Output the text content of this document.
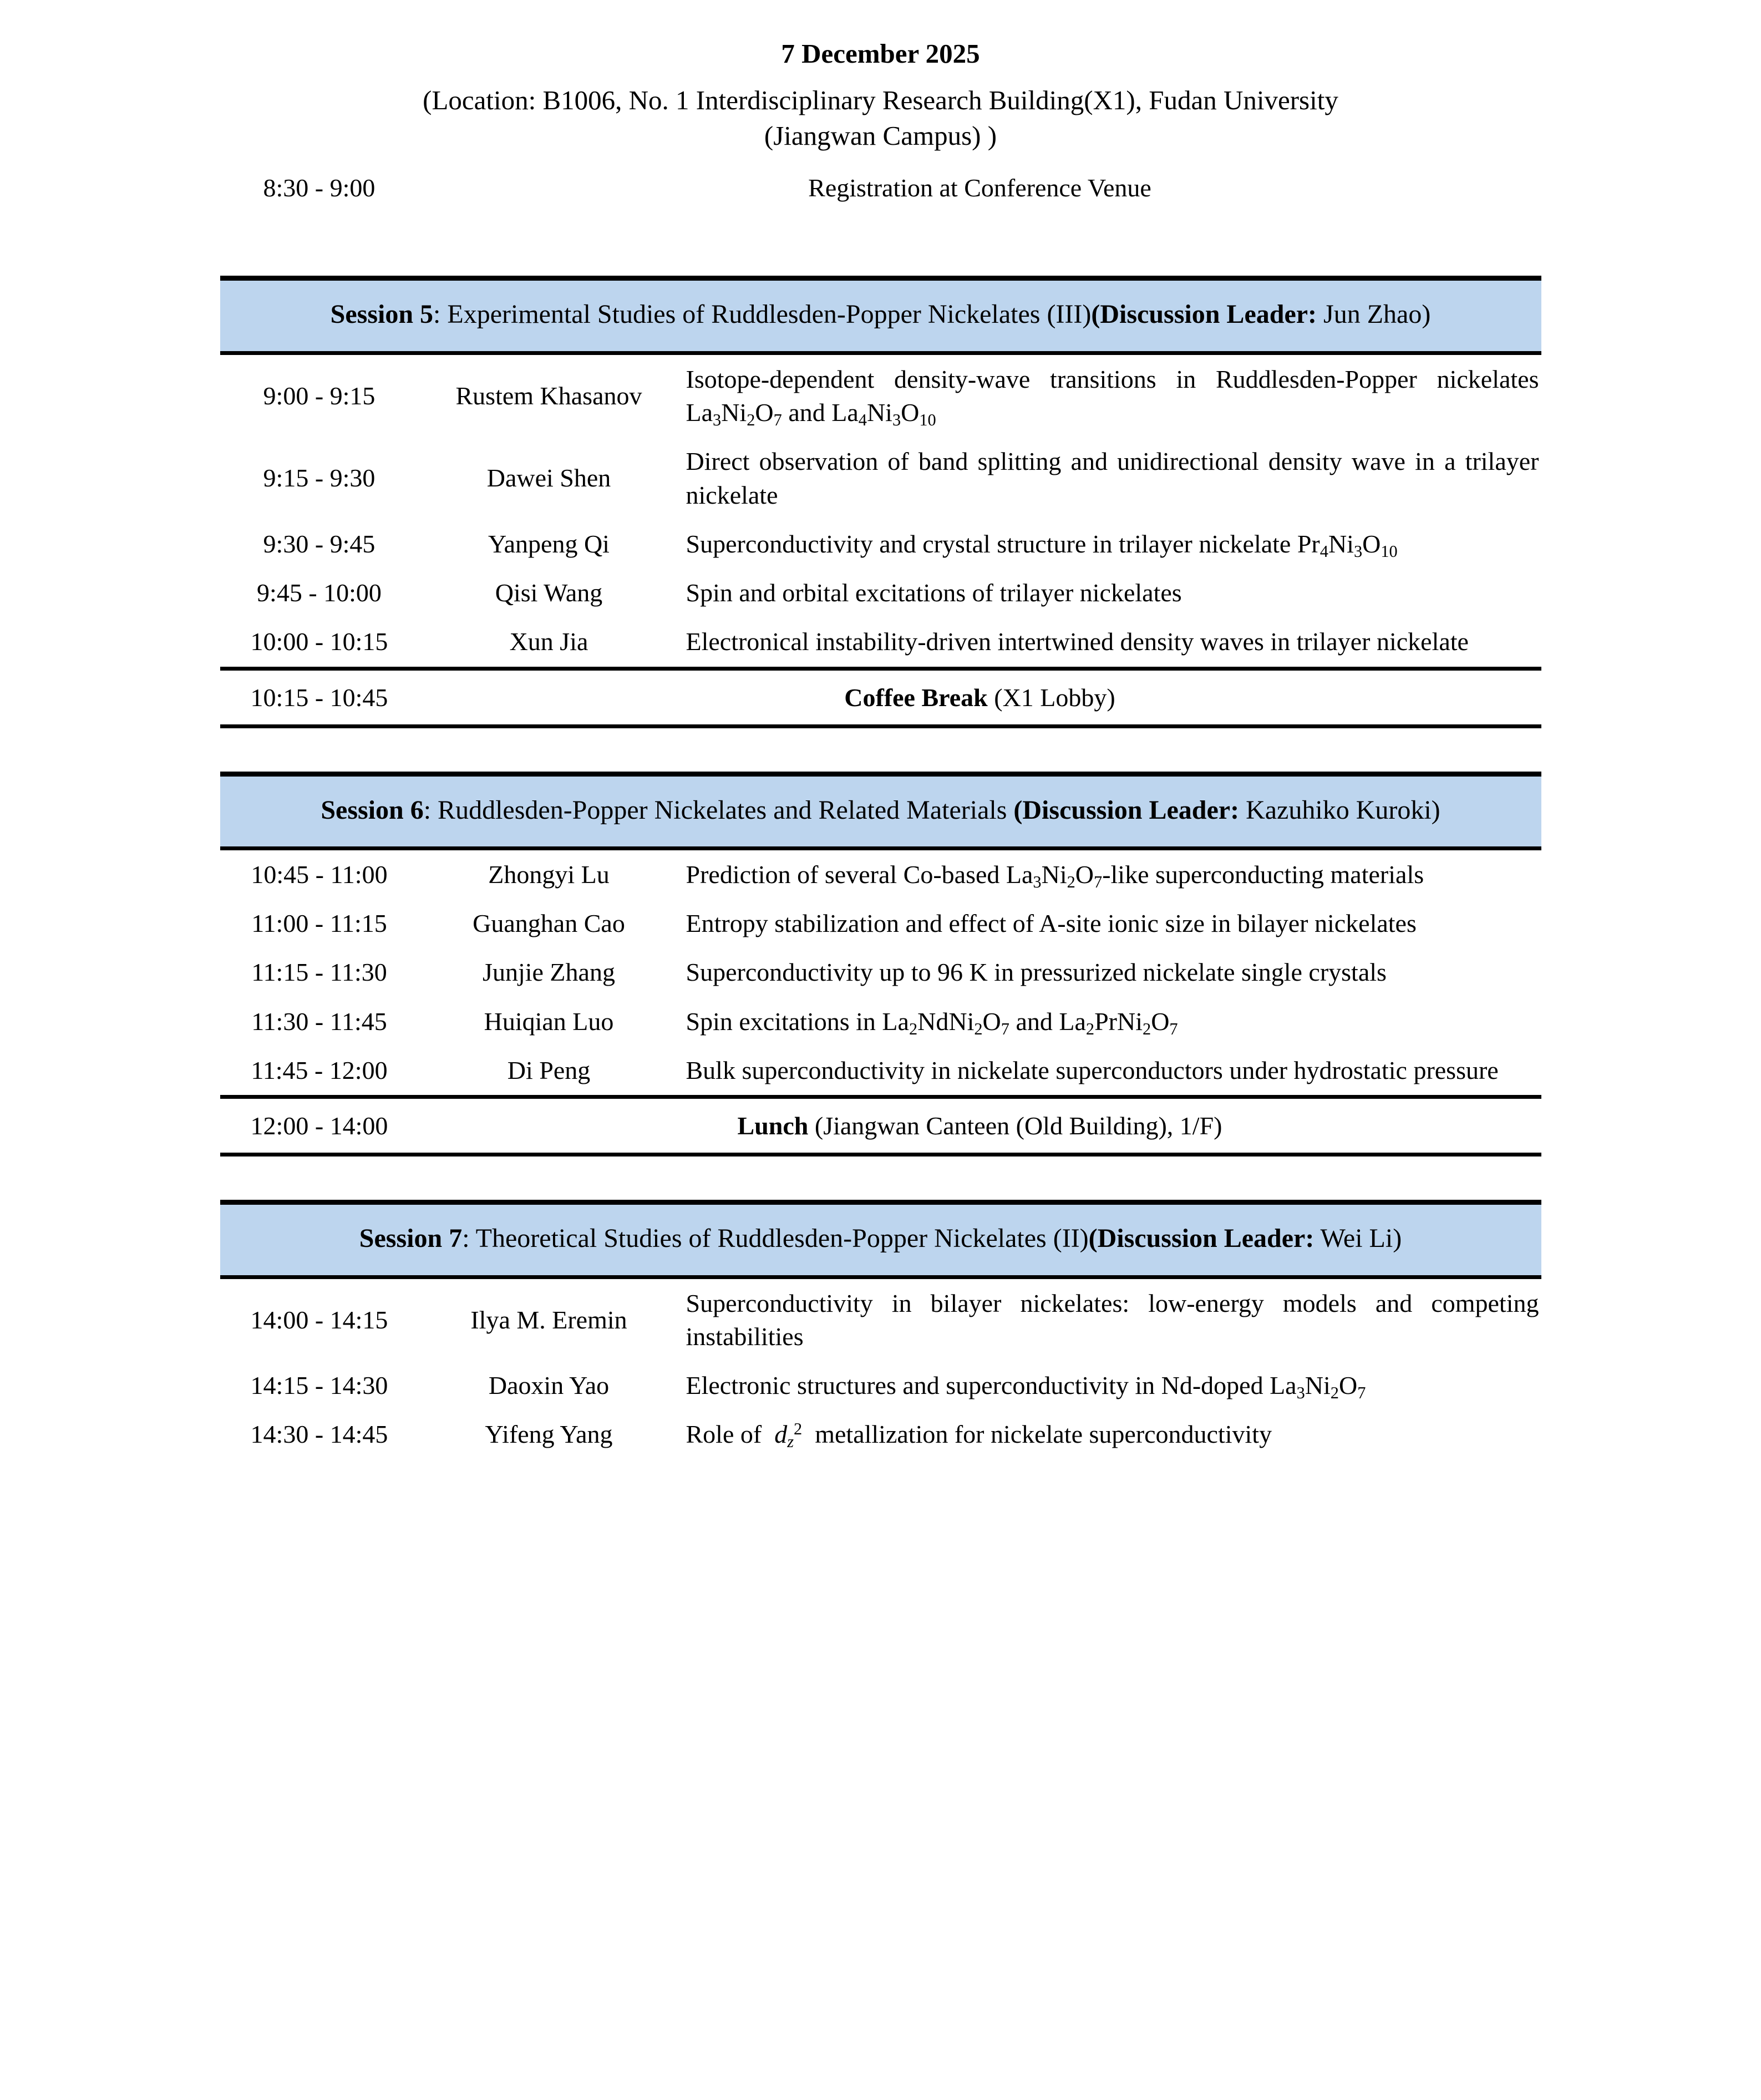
7 December 2025
(Location: B1006, No. 1 Interdisciplinary Research Building(X1), Fudan University
(Jiangwan Campus) )
8:30 - 9:00	Registration at Conference Venue
Session 5: Experimental Studies of Ruddlesden-Popper Nickelates (III)(Discussion Leader: Jun Zhao)
9:00 - 9:15	Rustem Khasanov	Isotope-dependent density-wave transitions in Ruddlesden-Popper nickelates $La_3Ni_2O_7$ and $La_4Ni_3O_{10}$
9:15 - 9:30	Dawei Shen	Direct observation of band splitting and unidirectional density wave in a trilayer nickelate
9:30 - 9:45	Yanpeng Qi	Superconductivity and crystal structure in trilayer nickelate $Pr_4Ni_3O_{10}$
9:45 - 10:00	Qisi Wang	Spin and orbital excitations of trilayer nickelates
10:00 - 10:15	Xun Jia	Electronical instability-driven intertwined density waves in trilayer nickelate
10:15 - 10:45	Coffee Break (X1 Lobby)
Session 6: Ruddlesden-Popper Nickelates and Related Materials (Discussion Leader: Kazuhiko Kuroki)
10:45 - 11:00	Zhongyi Lu	Prediction of several Co-based $La_3Ni_2O_7$-like superconducting materials
11:00 - 11:15	Guanghan Cao	Entropy stabilization and effect of A-site ionic size in bilayer nickelates
11:15 - 11:30	Junjie Zhang	Superconductivity up to 96 K in pressurized nickelate single crystals
11:30 - 11:45	Huiqian Luo	Spin excitations in $La_2NdNi_2O_7$ and $La_2PrNi_2O_7$
11:45 - 12:00	Di Peng	Bulk superconductivity in nickelate superconductors under hydrostatic pressure
12:00 - 14:00	Lunch (Jiangwan Canteen (Old Building), 1/F)
Session 7: Theoretical Studies of Ruddlesden-Popper Nickelates (II)(Discussion Leader: Wei Li)
14:00 - 14:15	Ilya M. Eremin	Superconductivity in bilayer nickelates: low-energy models and competing instabilities
14:15 - 14:30	Daoxin Yao	Electronic structures and superconductivity in Nd-doped $La_3Ni_2O_7$
14:30 - 14:45	Yifeng Yang	Role of  $d_z^2$  metallization for nickelate superconductivity
